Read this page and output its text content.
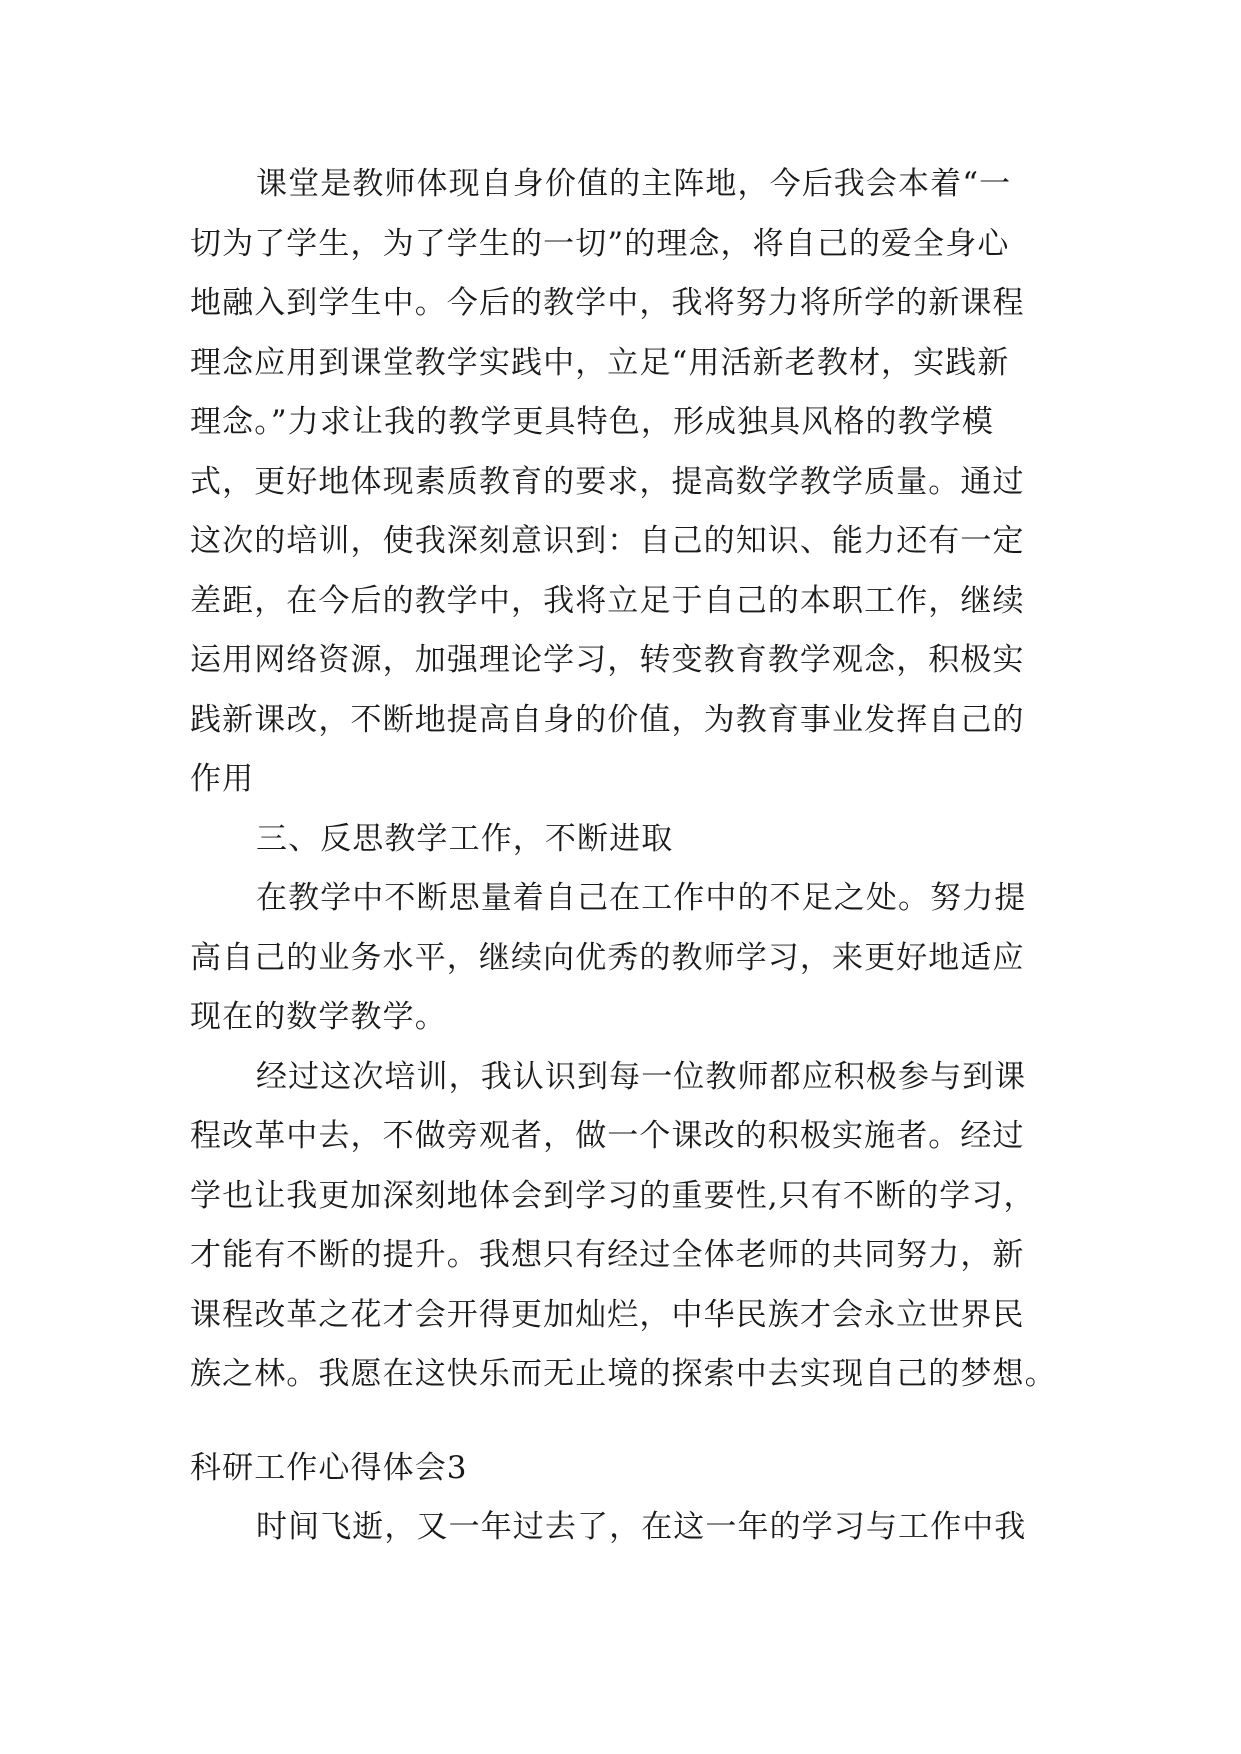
课堂是教师体现自身价值的主阵地，今后我会本着“一
切为了学生，为了学生的一切”的理念，将自己的爱全身心
地融入到学生中。今后的教学中，我将努力将所学的新课程
理念应用到课堂教学实践中，立足“用活新老教材，实践新
理念。”力求让我的教学更具特色，形成独具风格的教学模
式，更好地体现素质教育的要求，提高数学教学质量。通过
这次的培训，使我深刻意识到：自己的知识、能力还有一定
差距，在今后的教学中，我将立足于自己的本职工作，继续
运用网络资源，加强理论学习，转变教育教学观念，积极实
践新课改，不断地提高自身的价值，为教育事业发挥自己的
作用
三、反思教学工作，不断进取
在教学中不断思量着自己在工作中的不足之处。努力提
高自己的业务水平，继续向优秀的教师学习，来更好地适应
现在的数学教学。
经过这次培训，我认识到每一位教师都应积极参与到课
程改革中去，不做旁观者，做一个课改的积极实施者。经过
学也让我更加深刻地体会到学习的重要性,只有不断的学习，
才能有不断的提升。我想只有经过全体老师的共同努力，新
课程改革之花才会开得更加灿烂，中华民族才会永立世界民
族之林。我愿在这快乐而无止境的探索中去实现自己的梦想。
科研工作心得体会3
时间飞逝，又一年过去了，在这一年的学习与工作中我
